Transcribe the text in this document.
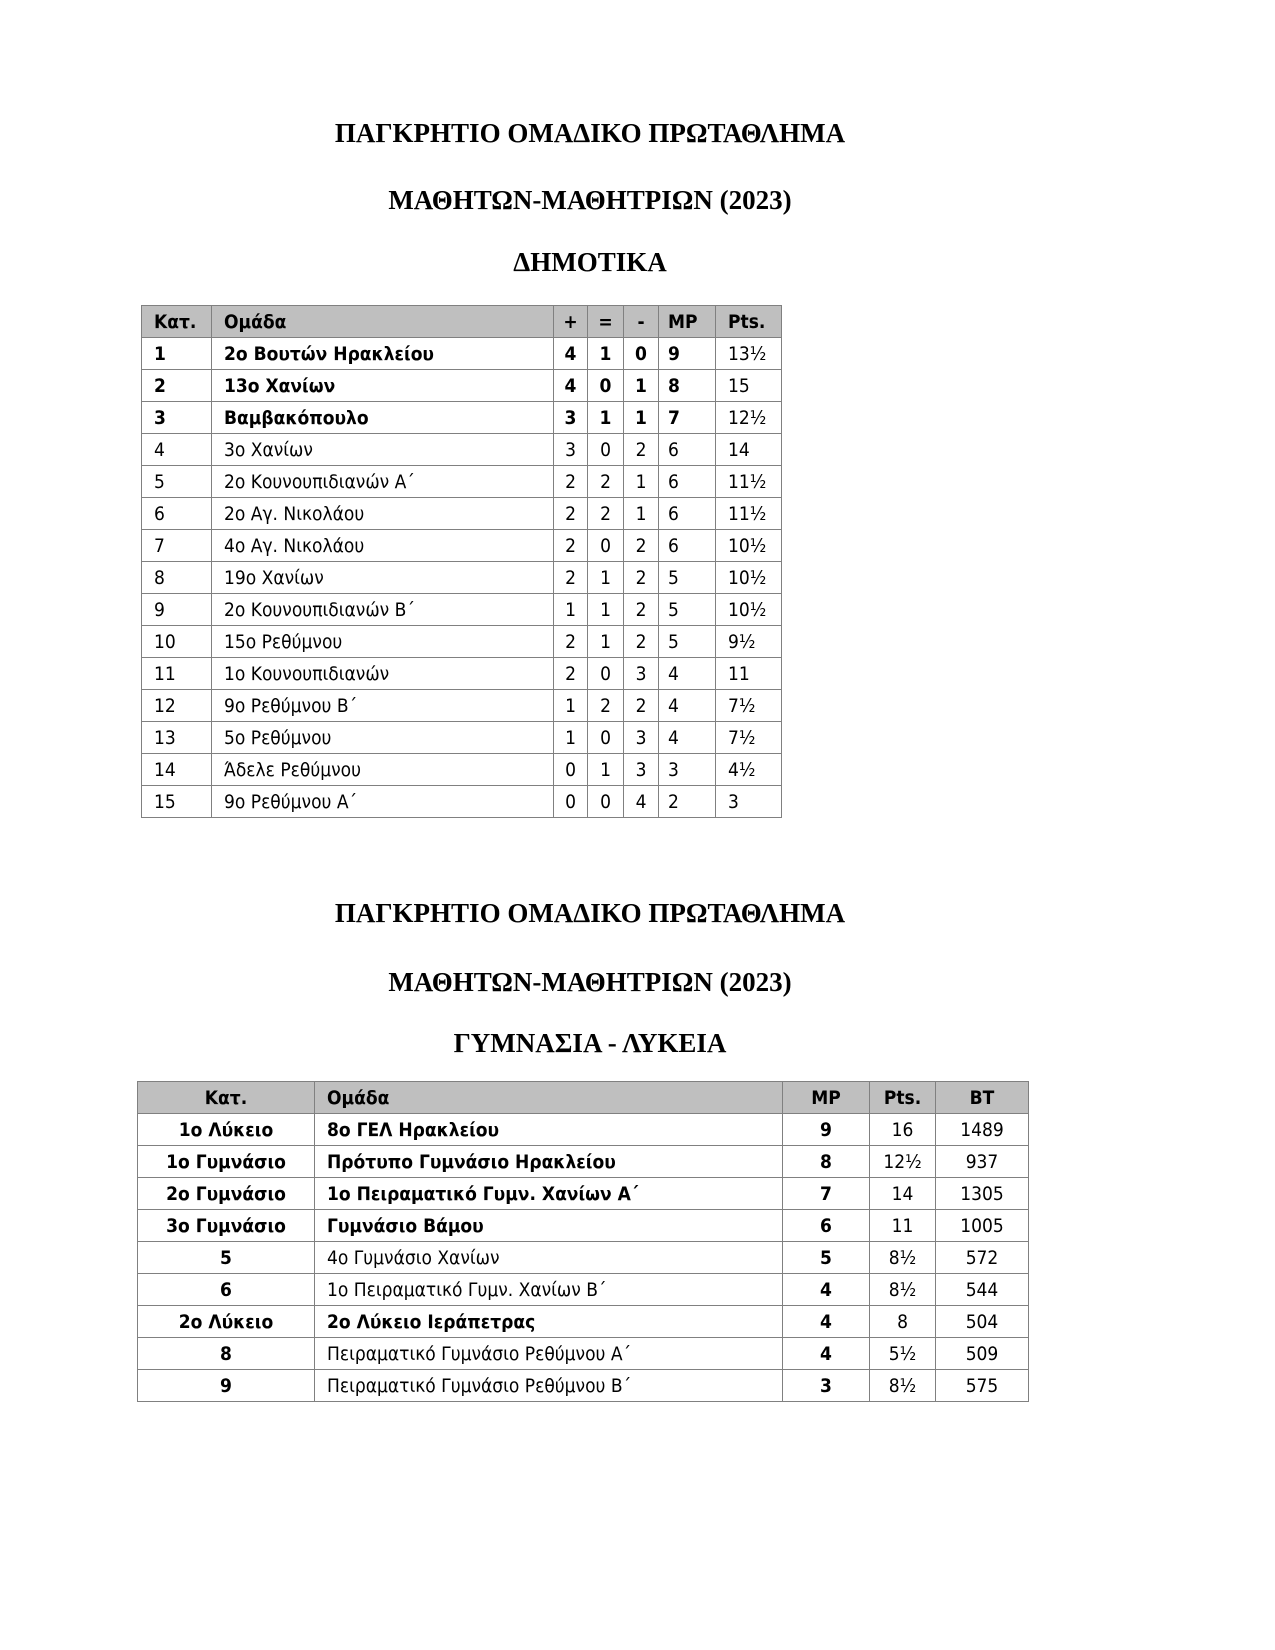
ΠΑΓΚΡΗΤΙΟ ΟΜΑΔΙΚΟ ΠΡΩΤΑΘΛΗΜΑ
ΜΑΘΗΤΩΝ-ΜΑΘΗΤΡΙΩΝ (2023)
ΔΗΜΟΤΙΚΑ
Κατ.	Ομάδα	+	=	-	MP	Pts.
1	2ο Βουτών Ηρακλείου	4	1	0	9	13½
2	13ο Χανίων	4	0	1	8	15
3	Βαμβακόπουλο	3	1	1	7	12½
4	3ο Χανίων	3	0	2	6	14
5	2ο Κουνουπιδιανών Α΄	2	2	1	6	11½
6	2ο Αγ. Νικολάου	2	2	1	6	11½
7	4ο Αγ. Νικολάου	2	0	2	6	10½
8	19ο Χανίων	2	1	2	5	10½
9	2ο Κουνουπιδιανών Β΄	1	1	2	5	10½
10	15ο Ρεθύμνου	2	1	2	5	9½
11	1ο Κουνουπιδιανών	2	0	3	4	11
12	9ο Ρεθύμνου Β΄	1	2	2	4	7½
13	5ο Ρεθύμνου	1	0	3	4	7½
14	Άδελε Ρεθύμνου	0	1	3	3	4½
15	9ο Ρεθύμνου Α΄	0	0	4	2	3
ΠΑΓΚΡΗΤΙΟ ΟΜΑΔΙΚΟ ΠΡΩΤΑΘΛΗΜΑ
ΜΑΘΗΤΩΝ-ΜΑΘΗΤΡΙΩΝ (2023)
ΓΥΜΝΑΣΙΑ - ΛΥΚΕΙΑ
Κατ.	Ομάδα	MP	Pts.	BT
1ο Λύκειο	8ο ΓΕΛ Ηρακλείου	9	16	1489
1ο Γυμνάσιο	Πρότυπο Γυμνάσιο Ηρακλείου	8	12½	937
2ο Γυμνάσιο	1ο Πειραματικό Γυμν. Χανίων Α΄	7	14	1305
3ο Γυμνάσιο	Γυμνάσιο Βάμου	6	11	1005
5	4ο Γυμνάσιο Χανίων	5	8½	572
6	1ο Πειραματικό Γυμν. Χανίων Β΄	4	8½	544
2ο Λύκειο	2ο Λύκειο Ιεράπετρας	4	8	504
8	Πειραματικό Γυμνάσιο Ρεθύμνου Α΄	4	5½	509
9	Πειραματικό Γυμνάσιο Ρεθύμνου Β΄	3	8½	575
